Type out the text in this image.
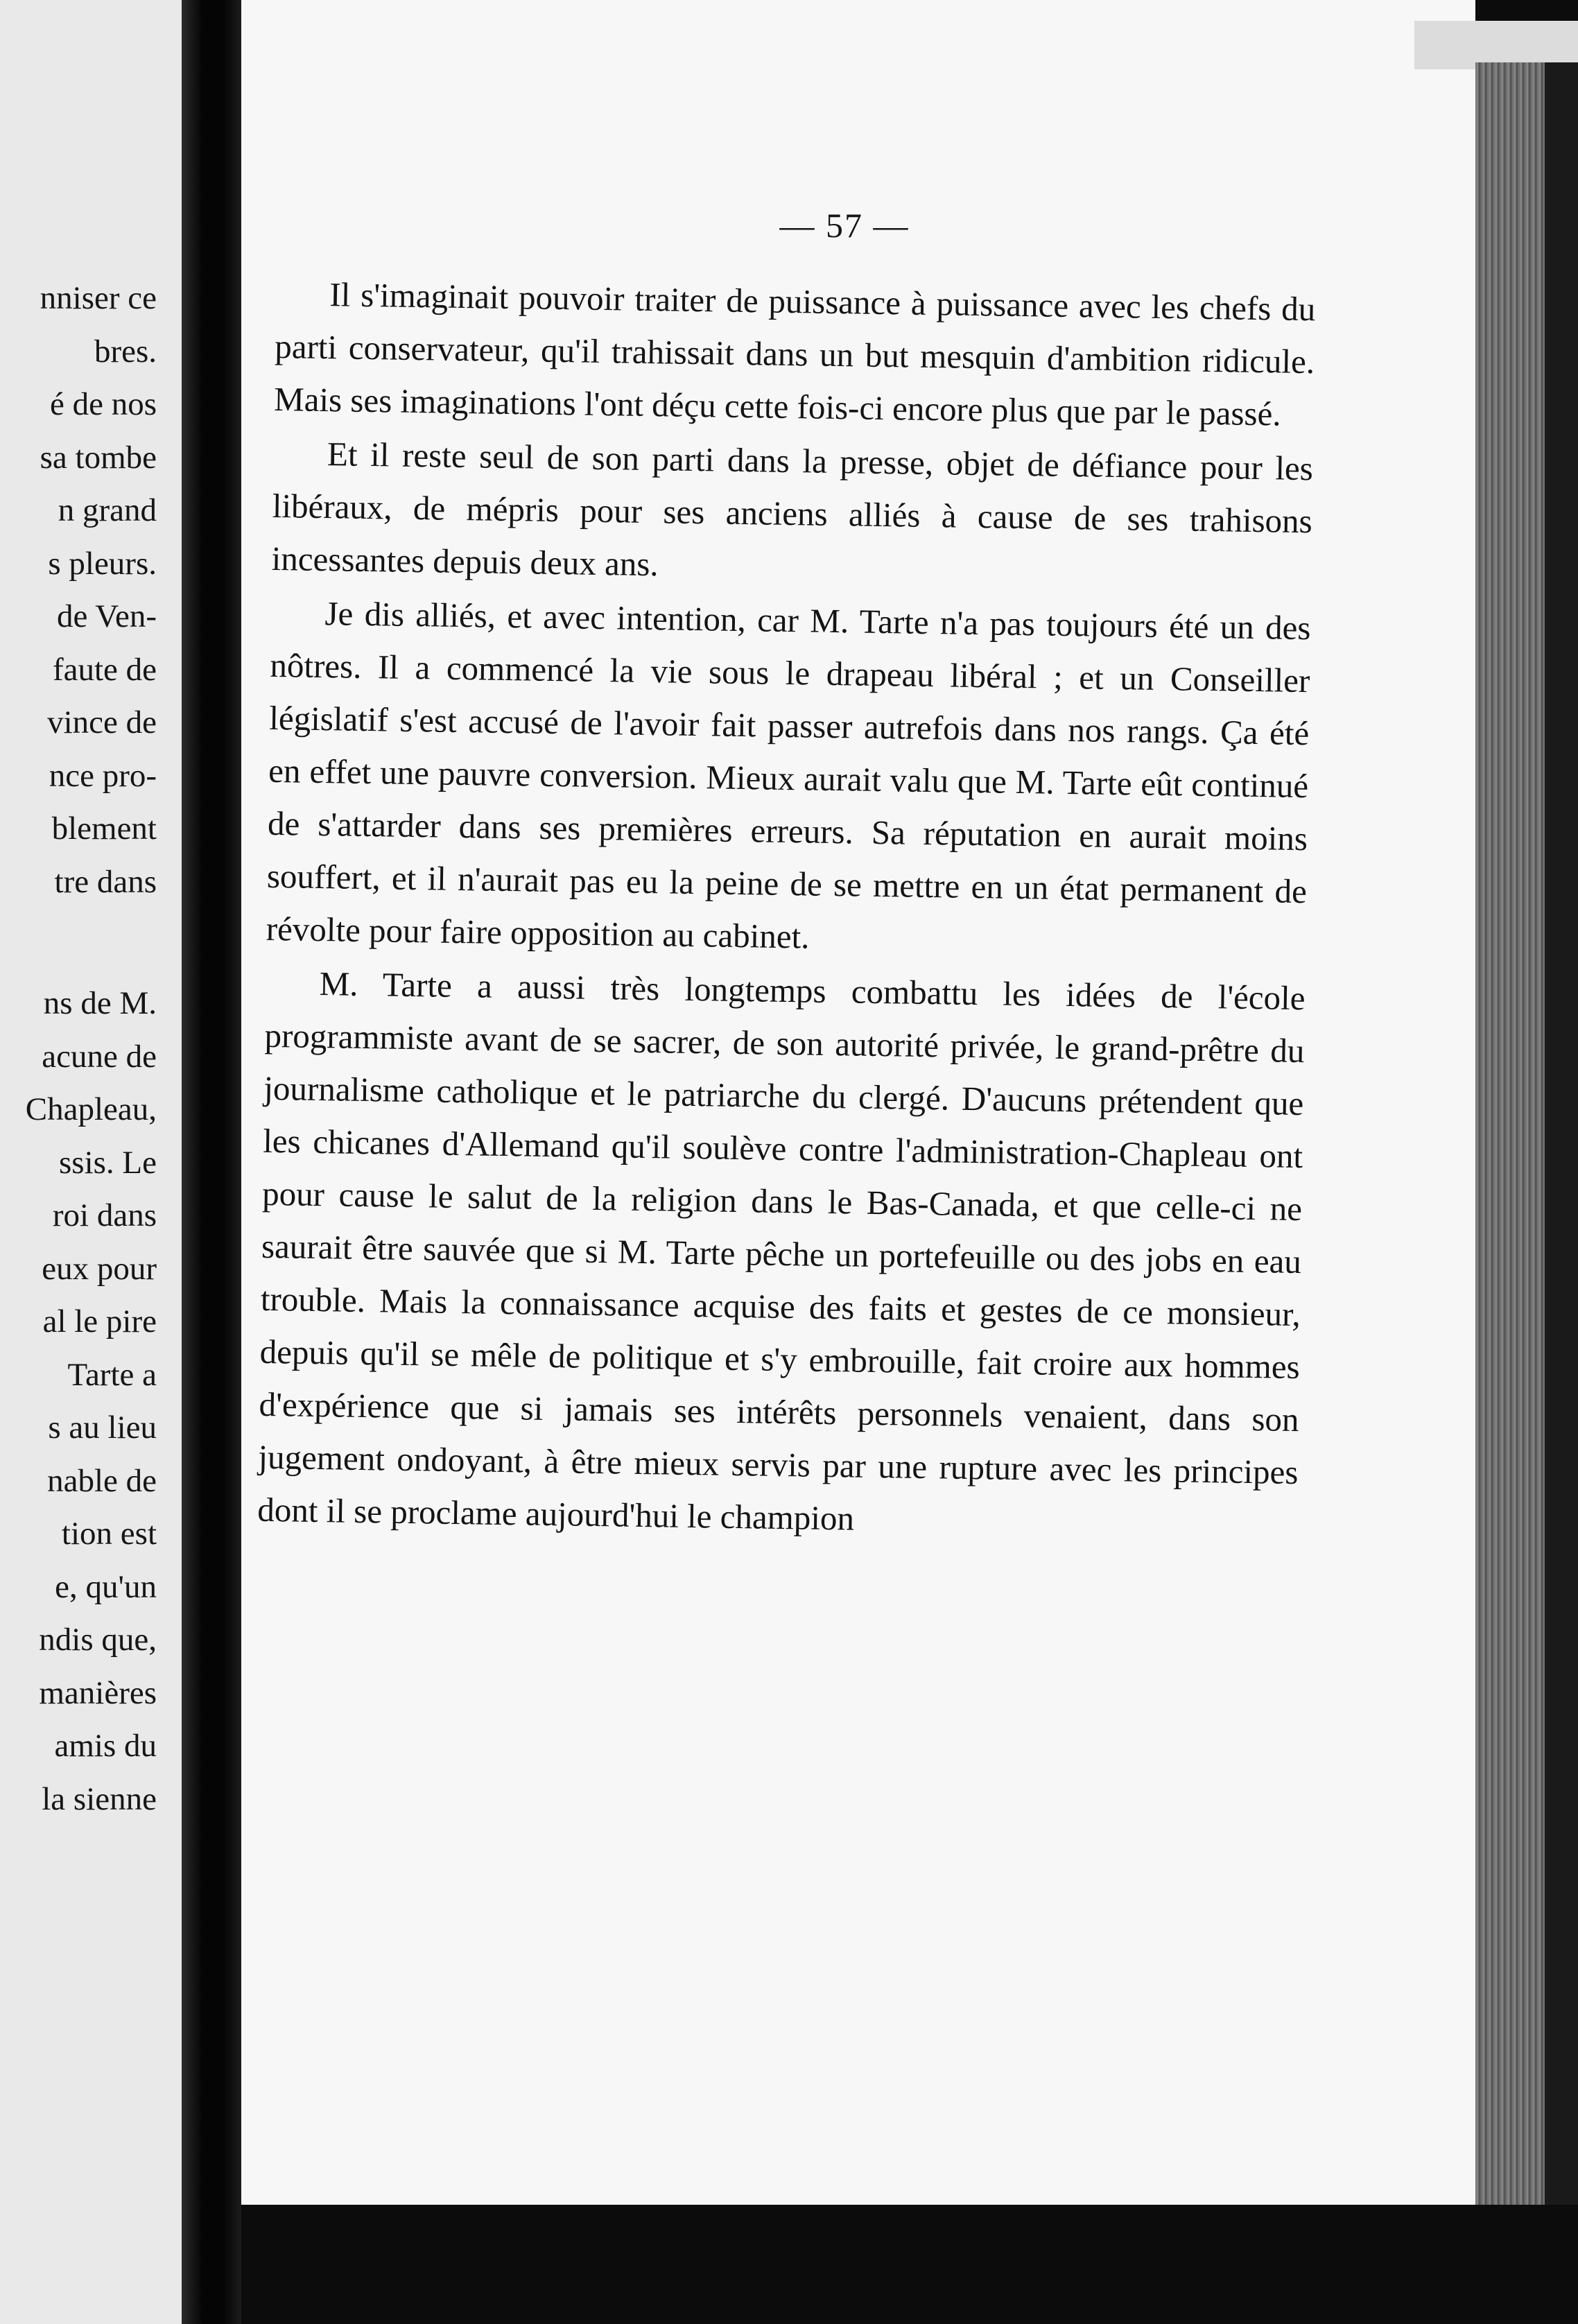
nniser ce
bres.
é de nos
sa tombe
n grand
s pleurs.
de Ven-
faute de
vince de
nce pro-
blement
tre dans
ns de M.
acune de
Chapleau,
ssis. Le
roi dans
eux pour
al le pire
Tarte a
s au lieu
nable de
tion est
e, qu'un
ndis que,
manières
amis du
la sienne
— 57 —

Il s'imaginait pouvoir traiter de puissance à puissance avec les chefs du parti conservateur, qu'il trahissait dans un but mesquin d'ambition ridicule. Mais ses imaginations l'ont déçu cette fois-ci encore plus que par le passé.

Et il reste seul de son parti dans la presse, objet de défiance pour les libéraux, de mépris pour ses anciens alliés à cause de ses trahisons incessantes depuis deux ans.

Je dis alliés, et avec intention, car M. Tarte n'a pas toujours été un des nôtres. Il a commencé la vie sous le drapeau libéral ; et un Conseiller législatif s'est accusé de l'avoir fait passer autrefois dans nos rangs. Ça été en effet une pauvre conversion. Mieux aurait valu que M. Tarte eût continué de s'attarder dans ses premières erreurs. Sa réputation en aurait moins souffert, et il n'aurait pas eu la peine de se mettre en un état permanent de révolte pour faire opposition au cabinet.

M. Tarte a aussi très longtemps combattu les idées de l'école programmiste avant de se sacrer, de son autorité privée, le grand-prêtre du journalisme catholique et le patriarche du clergé. D'aucuns prétendent que les chicanes d'Allemand qu'il soulève contre l'administration-Chapleau ont pour cause le salut de la religion dans le Bas-Canada, et que celle-ci ne saurait être sauvée que si M. Tarte pêche un portefeuille ou des jobs en eau trouble. Mais la connaissance acquise des faits et gestes de ce monsieur, depuis qu'il se mêle de politique et s'y embrouille, fait croire aux hommes d'expérience que si jamais ses intérêts personnels venaient, dans son jugement ondoyant, à être mieux servis par une rupture avec les principes dont il se proclame aujourd'hui le champion
